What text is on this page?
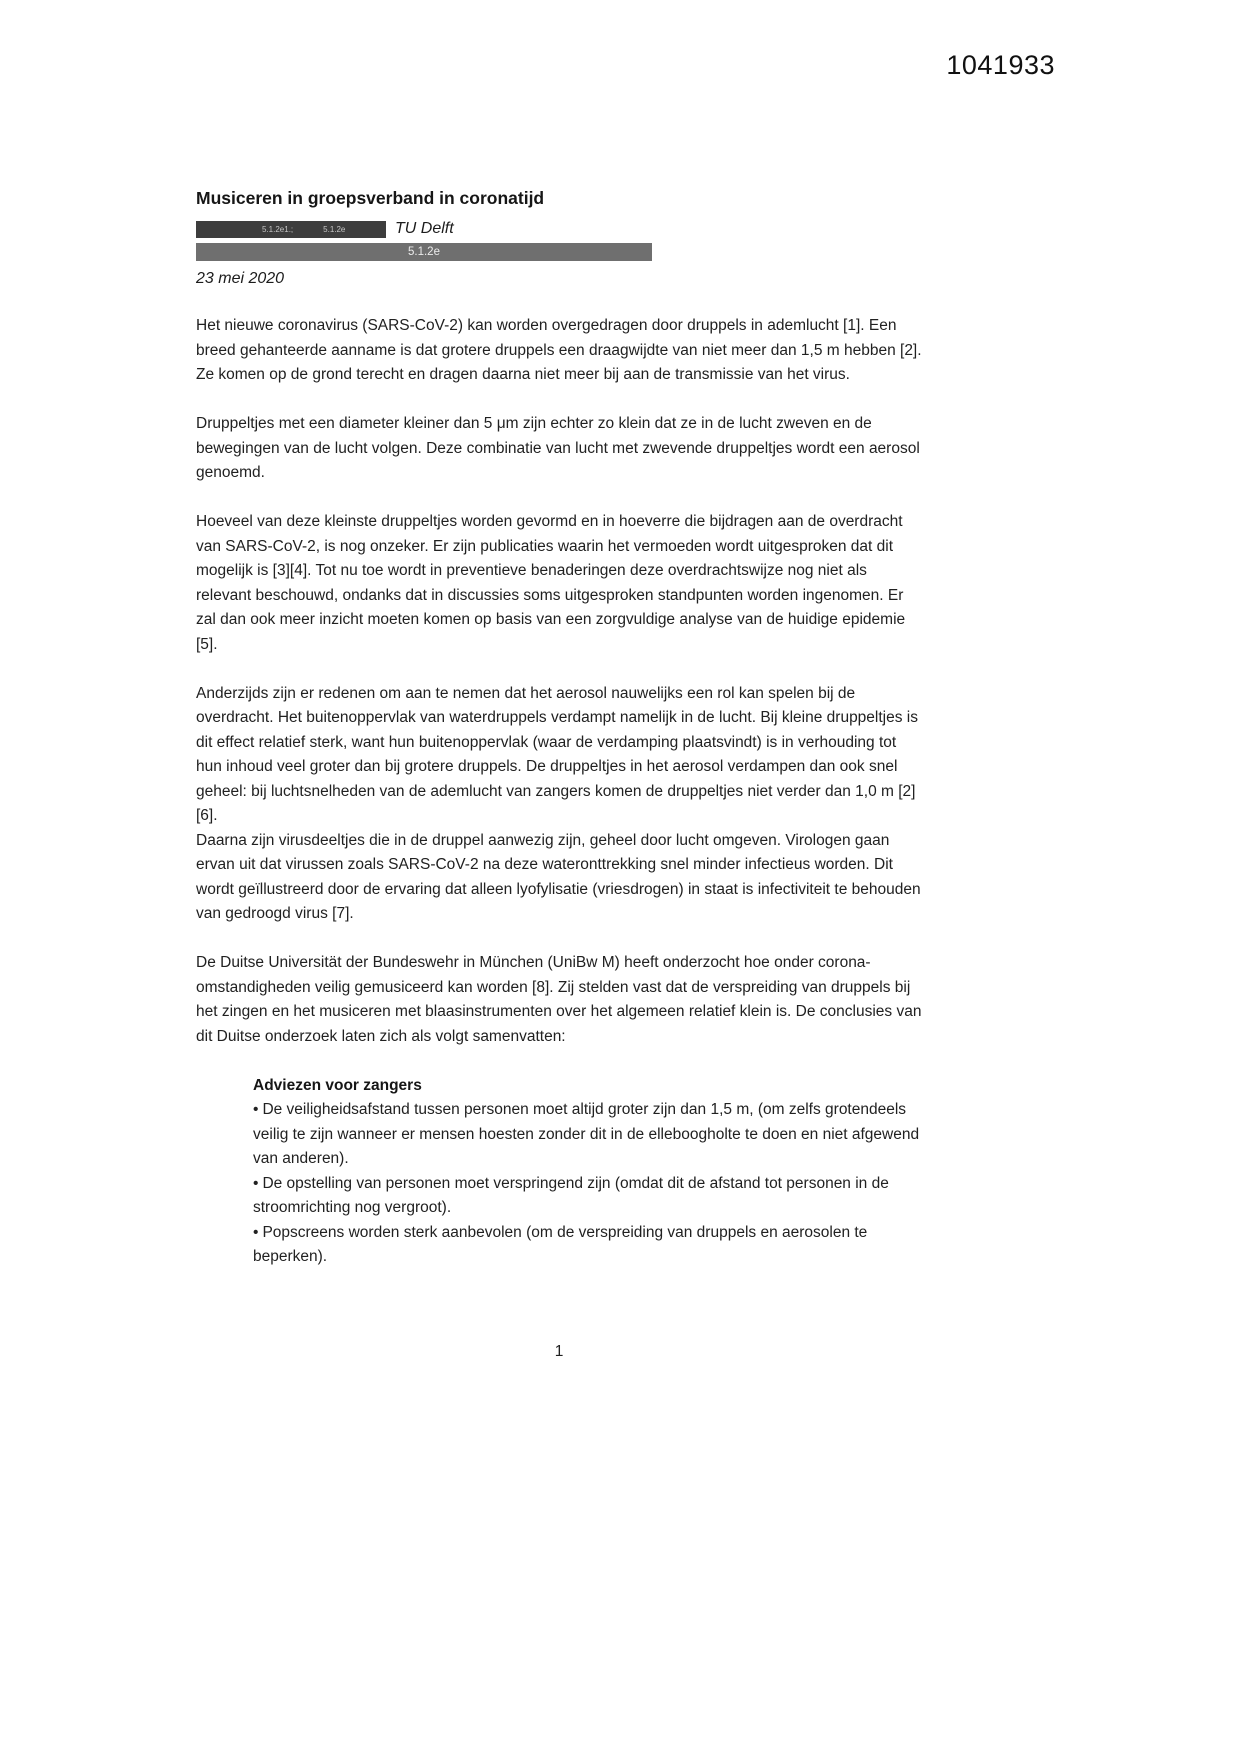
1041933
Musiceren in groepsverband in coronatijd
5.1.2e1.;	5.1.2e	TU Delft
5.1.2e
23 mei 2020

Het nieuwe coronavirus (SARS-CoV-2) kan worden overgedragen door druppels in ademlucht [1]. Een breed gehanteerde aanname is dat grotere druppels een draagwijdte van niet meer dan 1,5 m hebben [2]. Ze komen op de grond terecht en dragen daarna niet meer bij aan de transmissie van het virus.

Druppeltjes met een diameter kleiner dan 5 μm zijn echter zo klein dat ze in de lucht zweven en de bewegingen van de lucht volgen. Deze combinatie van lucht met zwevende druppeltjes wordt een aerosol genoemd.

Hoeveel van deze kleinste druppeltjes worden gevormd en in hoeverre die bijdragen aan de overdracht van SARS-CoV-2, is nog onzeker. Er zijn publicaties waarin het vermoeden wordt uitgesproken dat dit mogelijk is [3][4]. Tot nu toe wordt in preventieve benaderingen deze overdrachtswijze nog niet als relevant beschouwd, ondanks dat in discussies soms uitgesproken standpunten worden ingenomen. Er zal dan ook meer inzicht moeten komen op basis van een zorgvuldige analyse van de huidige epidemie [5].

Anderzijds zijn er redenen om aan te nemen dat het aerosol nauwelijks een rol kan spelen bij de overdracht. Het buitenoppervlak van waterdruppels verdampt namelijk in de lucht. Bij kleine druppeltjes is dit effect relatief sterk, want hun buitenoppervlak (waar de verdamping plaatsvindt) is in verhouding tot hun inhoud veel groter dan bij grotere druppels. De druppeltjes in het aerosol verdampen dan ook snel geheel: bij luchtsnelheden van de ademlucht van zangers komen de druppeltjes niet verder dan 1,0 m [2][6].

Daarna zijn virusdeeltjes die in de druppel aanwezig zijn, geheel door lucht omgeven. Virologen gaan ervan uit dat virussen zoals SARS-CoV-2 na deze wateronttrekking snel minder infectieus worden. Dit wordt geïllustreerd door de ervaring dat alleen lyofylisatie (vriesdrogen) in staat is infectiviteit te behouden van gedroogd virus [7].

De Duitse Universität der Bundeswehr in München (UniBw M) heeft onderzocht hoe onder corona-omstandigheden veilig gemusiceerd kan worden [8]. Zij stelden vast dat de verspreiding van druppels bij het zingen en het musiceren met blaasinstrumenten over het algemeen relatief klein is. De conclusies van dit Duitse onderzoek laten zich als volgt samenvatten:

Adviezen voor zangers

• De veiligheidsafstand tussen personen moet altijd groter zijn dan 1,5 m, (om zelfs grotendeels veilig te zijn wanneer er mensen hoesten zonder dit in de elleboogholte te doen en niet afgewend van anderen).

• De opstelling van personen moet verspringend zijn (omdat dit de afstand tot personen in de stroomrichting nog vergroot).

• Popscreens worden sterk aanbevolen (om de verspreiding van druppels en aerosolen te beperken).

1
